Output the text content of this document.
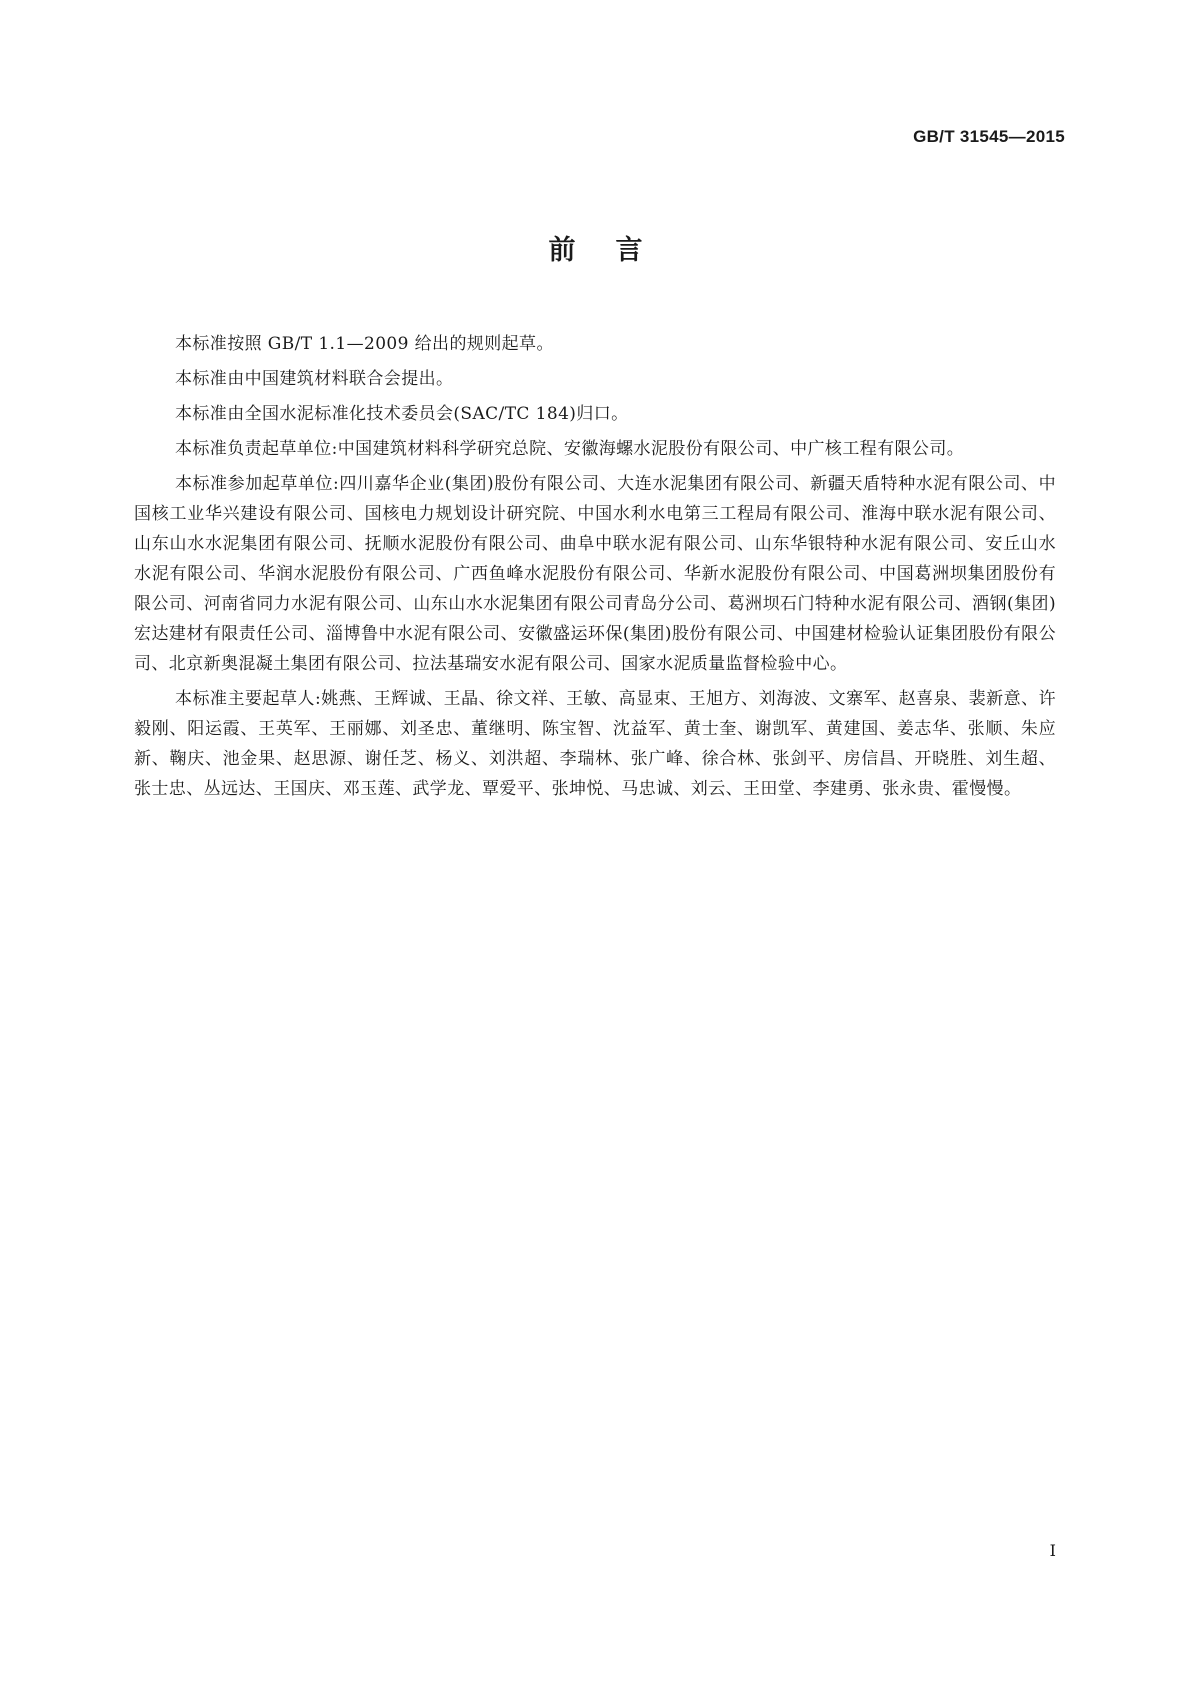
GB/T 31545—2015
前言

本标准按照 GB/T 1.1—2009 给出的规则起草。

本标准由中国建筑材料联合会提出。

本标准由全国水泥标准化技术委员会(SAC/TC 184)归口。

本标准负责起草单位:中国建筑材料科学研究总院、安徽海螺水泥股份有限公司、中广核工程有限公司。

本标准参加起草单位:四川嘉华企业(集团)股份有限公司、大连水泥集团有限公司、新疆天盾特种水泥有限公司、中国核工业华兴建设有限公司、国核电力规划设计研究院、中国水利水电第三工程局有限公司、淮海中联水泥有限公司、山东山水水泥集团有限公司、抚顺水泥股份有限公司、曲阜中联水泥有限公司、山东华银特种水泥有限公司、安丘山水水泥有限公司、华润水泥股份有限公司、广西鱼峰水泥股份有限公司、华新水泥股份有限公司、中国葛洲坝集团股份有限公司、河南省同力水泥有限公司、山东山水水泥集团有限公司青岛分公司、葛洲坝石门特种水泥有限公司、酒钢(集团)宏达建材有限责任公司、淄博鲁中水泥有限公司、安徽盛运环保(集团)股份有限公司、中国建材检验认证集团股份有限公司、北京新奥混凝土集团有限公司、拉法基瑞安水泥有限公司、国家水泥质量监督检验中心。

本标准主要起草人:姚燕、王辉诚、王晶、徐文祥、王敏、高显束、王旭方、刘海波、文寨军、赵喜泉、裴新意、许毅刚、阳运霞、王英军、王丽娜、刘圣忠、董继明、陈宝智、沈益军、黄士奎、谢凯军、黄建国、姜志华、张顺、朱应新、鞠庆、池金果、赵思源、谢任芝、杨义、刘洪超、李瑞林、张广峰、徐合林、张剑平、房信昌、开晓胜、刘生超、张士忠、丛远达、王国庆、邓玉莲、武学龙、覃爱平、张坤悦、马忠诚、刘云、王田堂、李建勇、张永贵、霍慢慢。

I
